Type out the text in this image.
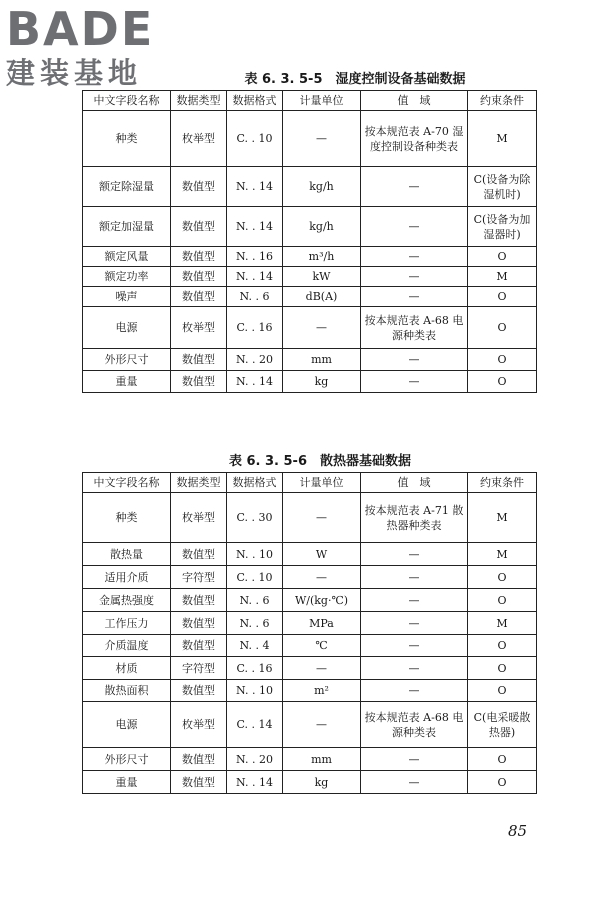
BADE
建装基地	表 6. 3. 5-5　湿度控制设备基础数据
中文字段名称	数据类型	数据格式	计量单位	值　域	约束条件
种类	枚举型	C. . 10	—	按本规范表 A-70 湿度控制设备种类表	M
额定除湿量	数值型	N. . 14	kg/h	—	C(设备为除湿机时)
额定加湿量	数值型	N. . 14	kg/h	—	C(设备为加湿器时)
额定风量	数值型	N. . 16	m³/h	—	O
额定功率	数值型	N. . 14	kW	—	M
噪声	数值型	N. . 6	dB(A)	—	O
电源	枚举型	C. . 16	—	按本规范表 A-68 电源种类表	O
外形尺寸	数值型	N. . 20	mm	—	O
重量	数值型	N. . 14	kg	—	O
表 6. 3. 5-6　散热器基础数据
中文字段名称	数据类型	数据格式	计量单位	值　域	约束条件
种类	枚举型	C. . 30	—	按本规范表 A-71 散热器种类表	M
散热量	数值型	N. . 10	W	—	M
适用介质	字符型	C. . 10	—	—	O
金属热强度	数值型	N. . 6	W/(kg·℃)	—	O
工作压力	数值型	N. . 6	MPa	—	M
介质温度	数值型	N. . 4	℃	—	O
材质	字符型	C. . 16	—	—	O
散热面积	数值型	N. . 10	m²	—	O
电源	枚举型	C. . 14	—	按本规范表 A-68 电源种类表	C(电采暖散热器)
外形尺寸	数值型	N. . 20	mm	—	O
重量	数值型	N. . 14	kg	—	O
85
